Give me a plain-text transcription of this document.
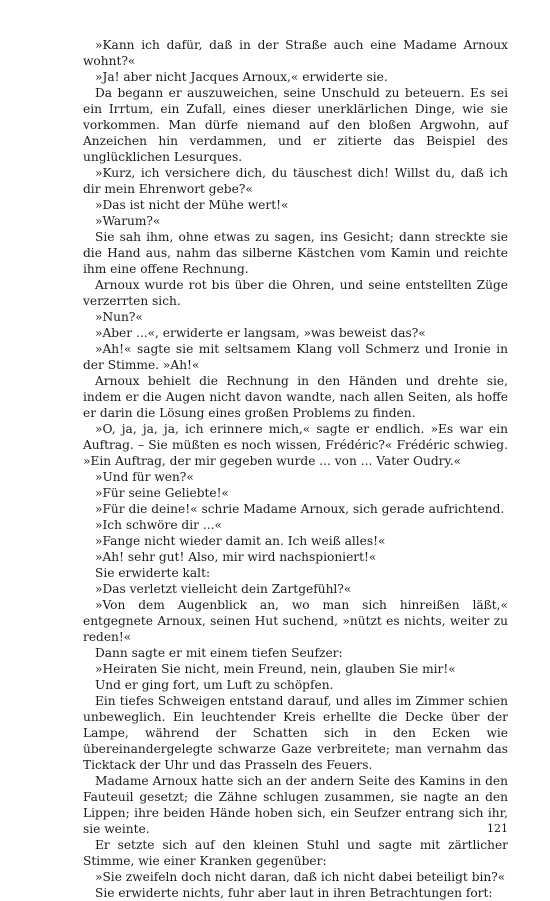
»Kann ich dafür, daß in der Straße auch eine Madame Arnoux wohnt?«

»Ja! aber nicht Jacques Arnoux,« erwiderte sie.

Da begann er auszuweichen, seine Unschuld zu beteuern. Es sei ein Irrtum, ein Zufall, eines dieser unerklärlichen Dinge, wie sie vorkommen. Man dürfe niemand auf den bloßen Argwohn, auf Anzeichen hin verdammen, und er zitierte das Beispiel des unglücklichen Lesurques.

»Kurz, ich versichere dich, du täuschest dich! Willst du, daß ich dir mein Ehrenwort gebe?«

»Das ist nicht der Mühe wert!«

»Warum?«

Sie sah ihm, ohne etwas zu sagen, ins Gesicht; dann streckte sie die Hand aus, nahm das silberne Kästchen vom Kamin und reichte ihm eine offene Rechnung.

Arnoux wurde rot bis über die Ohren, und seine entstellten Züge verzerrten sich.

»Nun?«

»Aber ...«, erwiderte er langsam, »was beweist das?«

»Ah!« sagte sie mit seltsamem Klang voll Schmerz und Ironie in der Stimme. »Ah!«

Arnoux behielt die Rechnung in den Händen und drehte sie, indem er die Augen nicht davon wandte, nach allen Seiten, als hoffe er darin die Lösung eines großen Problems zu finden.

»O, ja, ja, ja, ich erinnere mich,« sagte er endlich. »Es war ein Auftrag. – Sie müßten es noch wissen, Frédéric?« Frédéric schwieg. »Ein Auftrag, der mir gegeben wurde ... von ... Vater Oudry.«

»Und für wen?«

»Für seine Geliebte!«

»Für die deine!« schrie Madame Arnoux, sich gerade aufrichtend.

»Ich schwöre dir ...«

»Fange nicht wieder damit an. Ich weiß alles!«

»Ah! sehr gut! Also, mir wird nachspioniert!«

Sie erwiderte kalt:

»Das verletzt vielleicht dein Zartgefühl?«

»Von dem Augenblick an, wo man sich hinreißen läßt,« entgegnete Arnoux, seinen Hut suchend, »nützt es nichts, weiter zu reden!«

Dann sagte er mit einem tiefen Seufzer:

»Heiraten Sie nicht, mein Freund, nein, glauben Sie mir!«

Und er ging fort, um Luft zu schöpfen.

Ein tiefes Schweigen entstand darauf, und alles im Zimmer schien unbeweglich. Ein leuchtender Kreis erhellte die Decke über der Lampe, während der Schatten sich in den Ecken wie übereinandergelegte schwarze Gaze verbreitete; man vernahm das Ticktack der Uhr und das Prasseln des Feuers.

Madame Arnoux hatte sich an der andern Seite des Kamins in den Fauteuil gesetzt; die Zähne schlugen zusammen, sie nagte an den Lippen; ihre beiden Hände hoben sich, ein Seufzer entrang sich ihr, sie weinte.

Er setzte sich auf den kleinen Stuhl und sagte mit zärtlicher Stimme, wie einer Kranken gegenüber:

»Sie zweifeln doch nicht daran, daß ich nicht dabei beteiligt bin?«

Sie erwiderte nichts, fuhr aber laut in ihren Betrachtungen fort:

121
